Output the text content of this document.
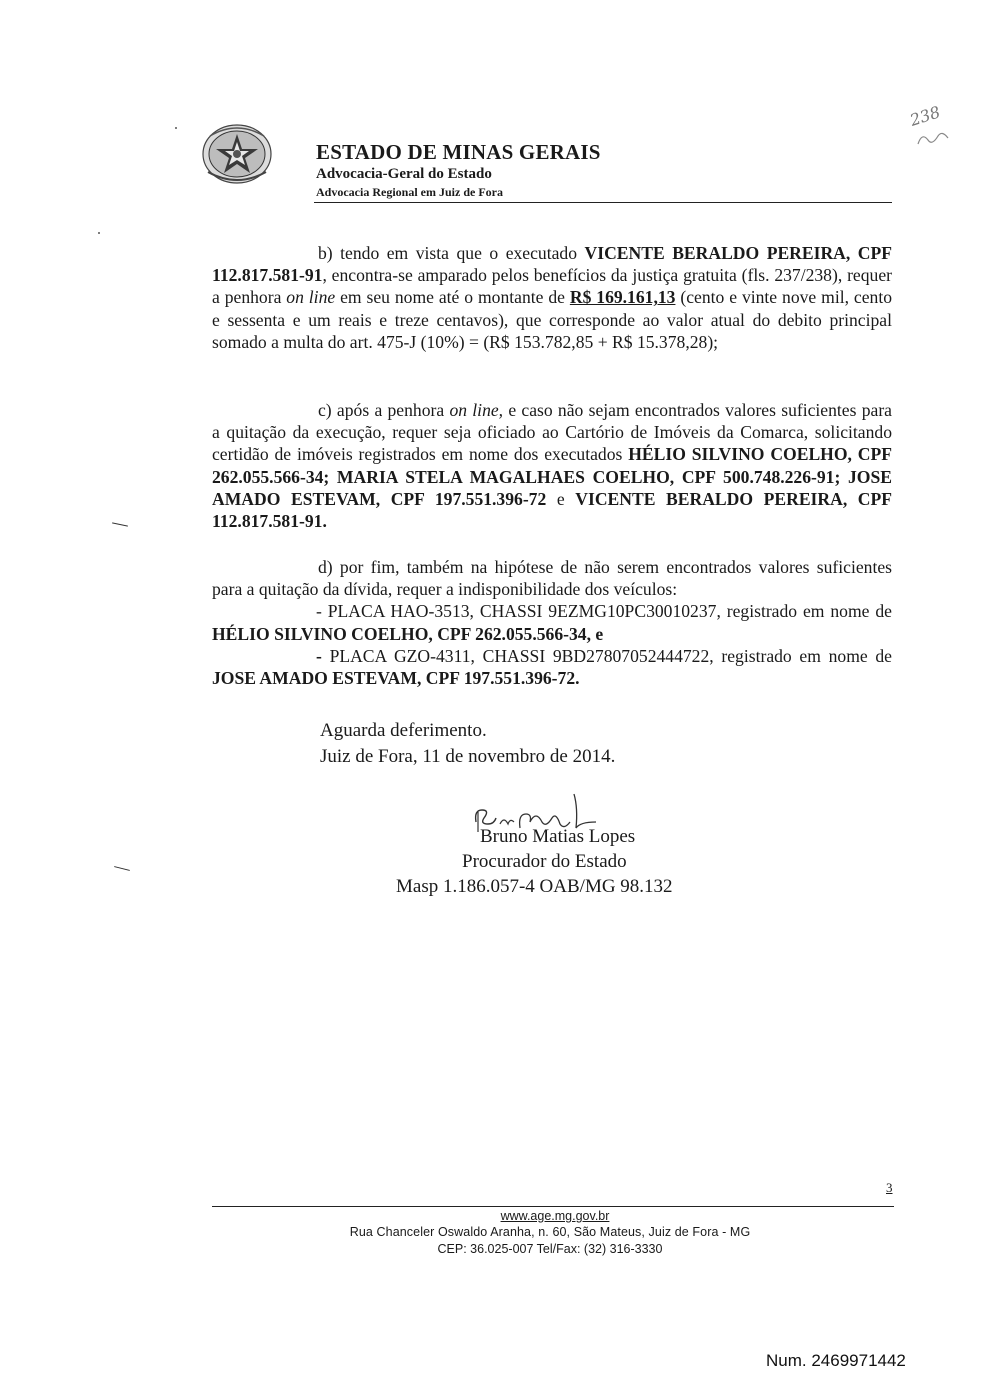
ESTADO DE MINAS GERAIS
Advocacia-Geral do Estado
Advocacia Regional em Juiz de Fora
238

b) tendo em vista que o executado VICENTE BERALDO PEREIRA, CPF 112.817.581-91, encontra-se amparado pelos benefícios da justiça gratuita (fls. 237/238), requer a penhora on line em seu nome até o montante de R$ 169.161,13 (cento e vinte nove mil, cento e sessenta e um reais e treze centavos), que corresponde ao valor atual do debito principal somado a multa do art. 475-J (10%) = (R$ 153.782,85 + R$ 15.378,28);

c) após a penhora on line, e caso não sejam encontrados valores suficientes para a quitação da execução, requer seja oficiado ao Cartório de Imóveis da Comarca, solicitando certidão de imóveis registrados em nome dos executados HÉLIO SILVINO COELHO, CPF 262.055.566-34; MARIA STELA MAGALHAES COELHO, CPF 500.748.226-91; JOSE AMADO ESTEVAM, CPF 197.551.396-72 e VICENTE BERALDO PEREIRA, CPF 112.817.581-91.

d) por fim, também na hipótese de não serem encontrados valores suficientes para a quitação da dívida, requer a indisponibilidade dos veículos:
- PLACA HAO-3513, CHASSI 9EZMG10PC30010237, registrado em nome de HÉLIO SILVINO COELHO, CPF 262.055.566-34, e
- PLACA GZO-4311, CHASSI 9BD27807052444722, registrado em nome de JOSE AMADO ESTEVAM, CPF 197.551.396-72.
Aguarda deferimento.
Juiz de Fora, 11 de novembro de 2014.
Bruno Matias Lopes
Procurador do Estado
Masp 1.186.057-4 OAB/MG 98.132
3
www.age.mg.gov.br
Rua Chanceler Oswaldo Aranha, n. 60, São Mateus, Juiz de Fora - MG
CEP: 36.025-007 Tel/Fax: (32) 316-3330
Num. 2469971442
